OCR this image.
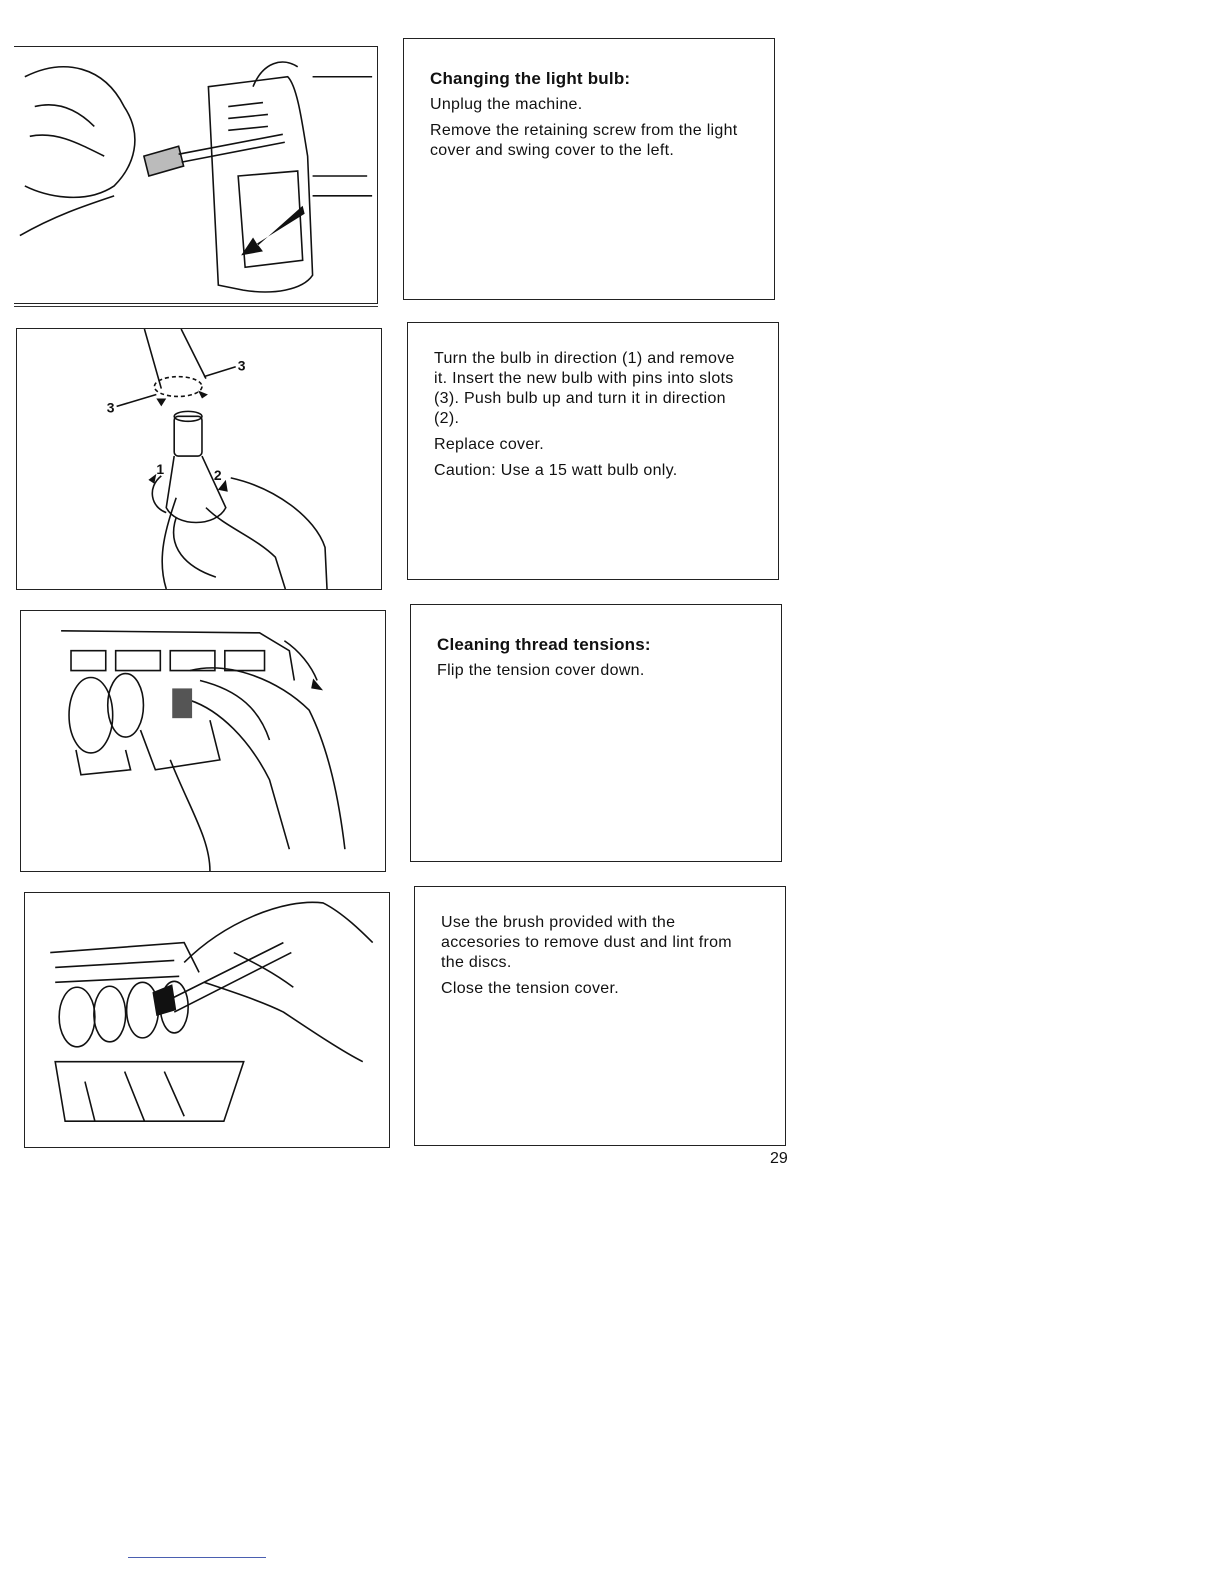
Changing the light bulb:

Unplug the machine.

Remove the retaining screw from the light cover and swing cover to the left.

1	2
3
3	Turn the bulb in direction (1) and remove it. Insert the new bulb with pins into slots (3). Push bulb up and turn it in direction (2).

Replace cover.

Caution: Use a 15 watt bulb only.

Cleaning thread tensions:

Flip the tension cover down.

Use the brush provided with the accesories to remove dust and lint from the discs.

Close the tension cover.

29
